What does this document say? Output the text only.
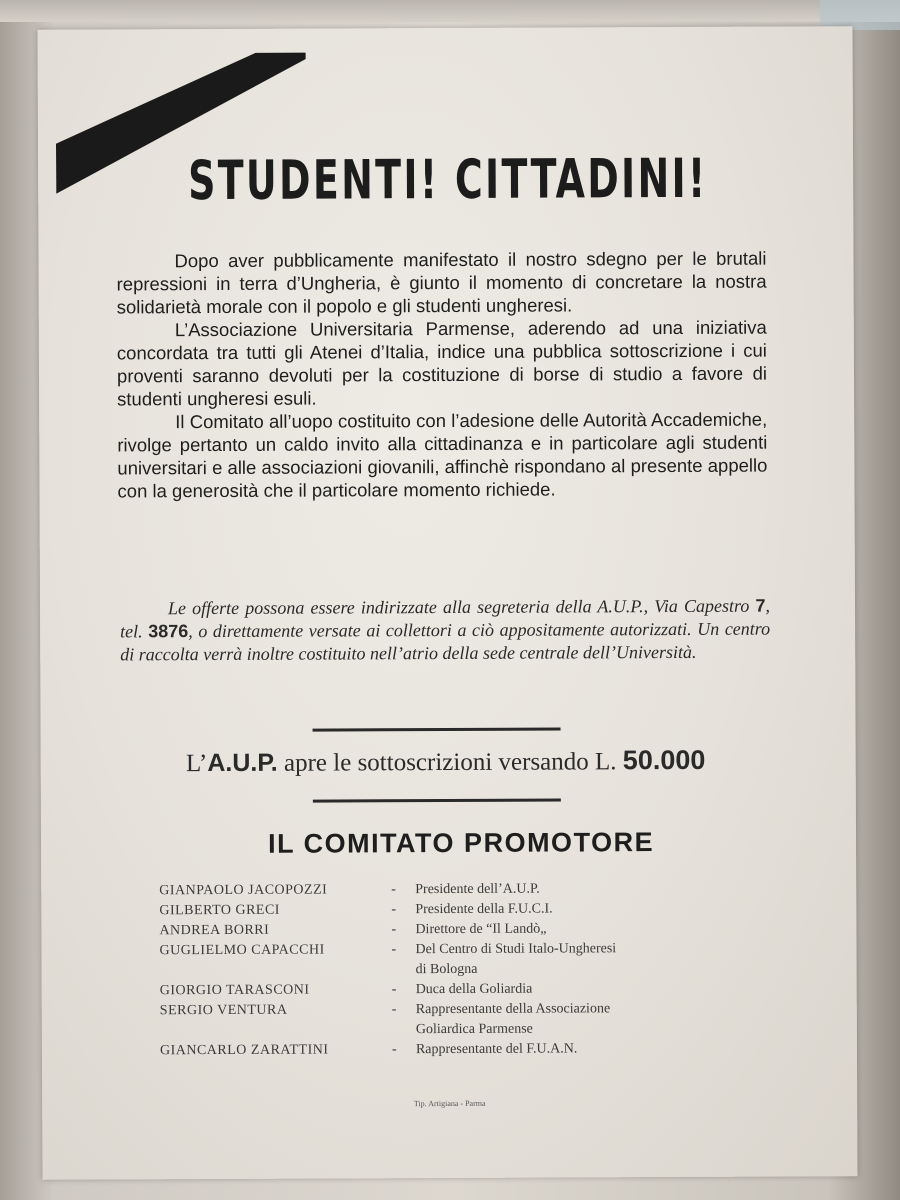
STUDENTI! CITTADINI!

Dopo aver pubblicamente manifestato il nostro sdegno per le brutali repressioni in terra d’Ungheria, è giunto il momento di concretare la nostra solidarietà morale con il popolo e gli studenti ungheresi.

L’Associazione Universitaria Parmense, aderendo ad una iniziativa concordata tra tutti gli Atenei d’Italia, indice una pubblica sottoscrizione i cui proventi saranno devoluti per la costituzione di borse di studio a favore di studenti ungheresi esuli.

Il Comitato all’uopo costituito con l’adesione delle Autorità Accademiche, rivolge pertanto un caldo invito alla cittadinanza e in particolare agli studenti universitari e alle associazioni giovanili, affinchè rispondano al presente appello con la generosità che il particolare momento richiede.

Le offerte possona essere indirizzate alla segreteria della A.U.P., Via Capestro 7, tel. 3876, o direttamente versate ai collettori a ciò appositamente autorizzati. Un centro di raccolta verrà inoltre costituito nell’atrio della sede centrale dell’Università.
L’A.U.P. apre le sottoscrizioni versando L. 50.000
IL COMITATO PROMOTORE
GIANPAOLO JACOPOZZI	-	Presidente dell’A.U.P.
GILBERTO GRECI	-	Presidente della F.U.C.I.
ANDREA BORRI	-	Direttore de “Il Landò„
GUGLIELMO CAPACCHI	-	Del Centro di Studi Italo-Ungheresi
di Bologna
GIORGIO TARASCONI	-	Duca della Goliardia
SERGIO VENTURA	-	Rappresentante della Associazione
Goliardica Parmense
GIANCARLO ZARATTINI	-	Rappresentante del F.U.A.N.
Tip. Artigiana - Parma
